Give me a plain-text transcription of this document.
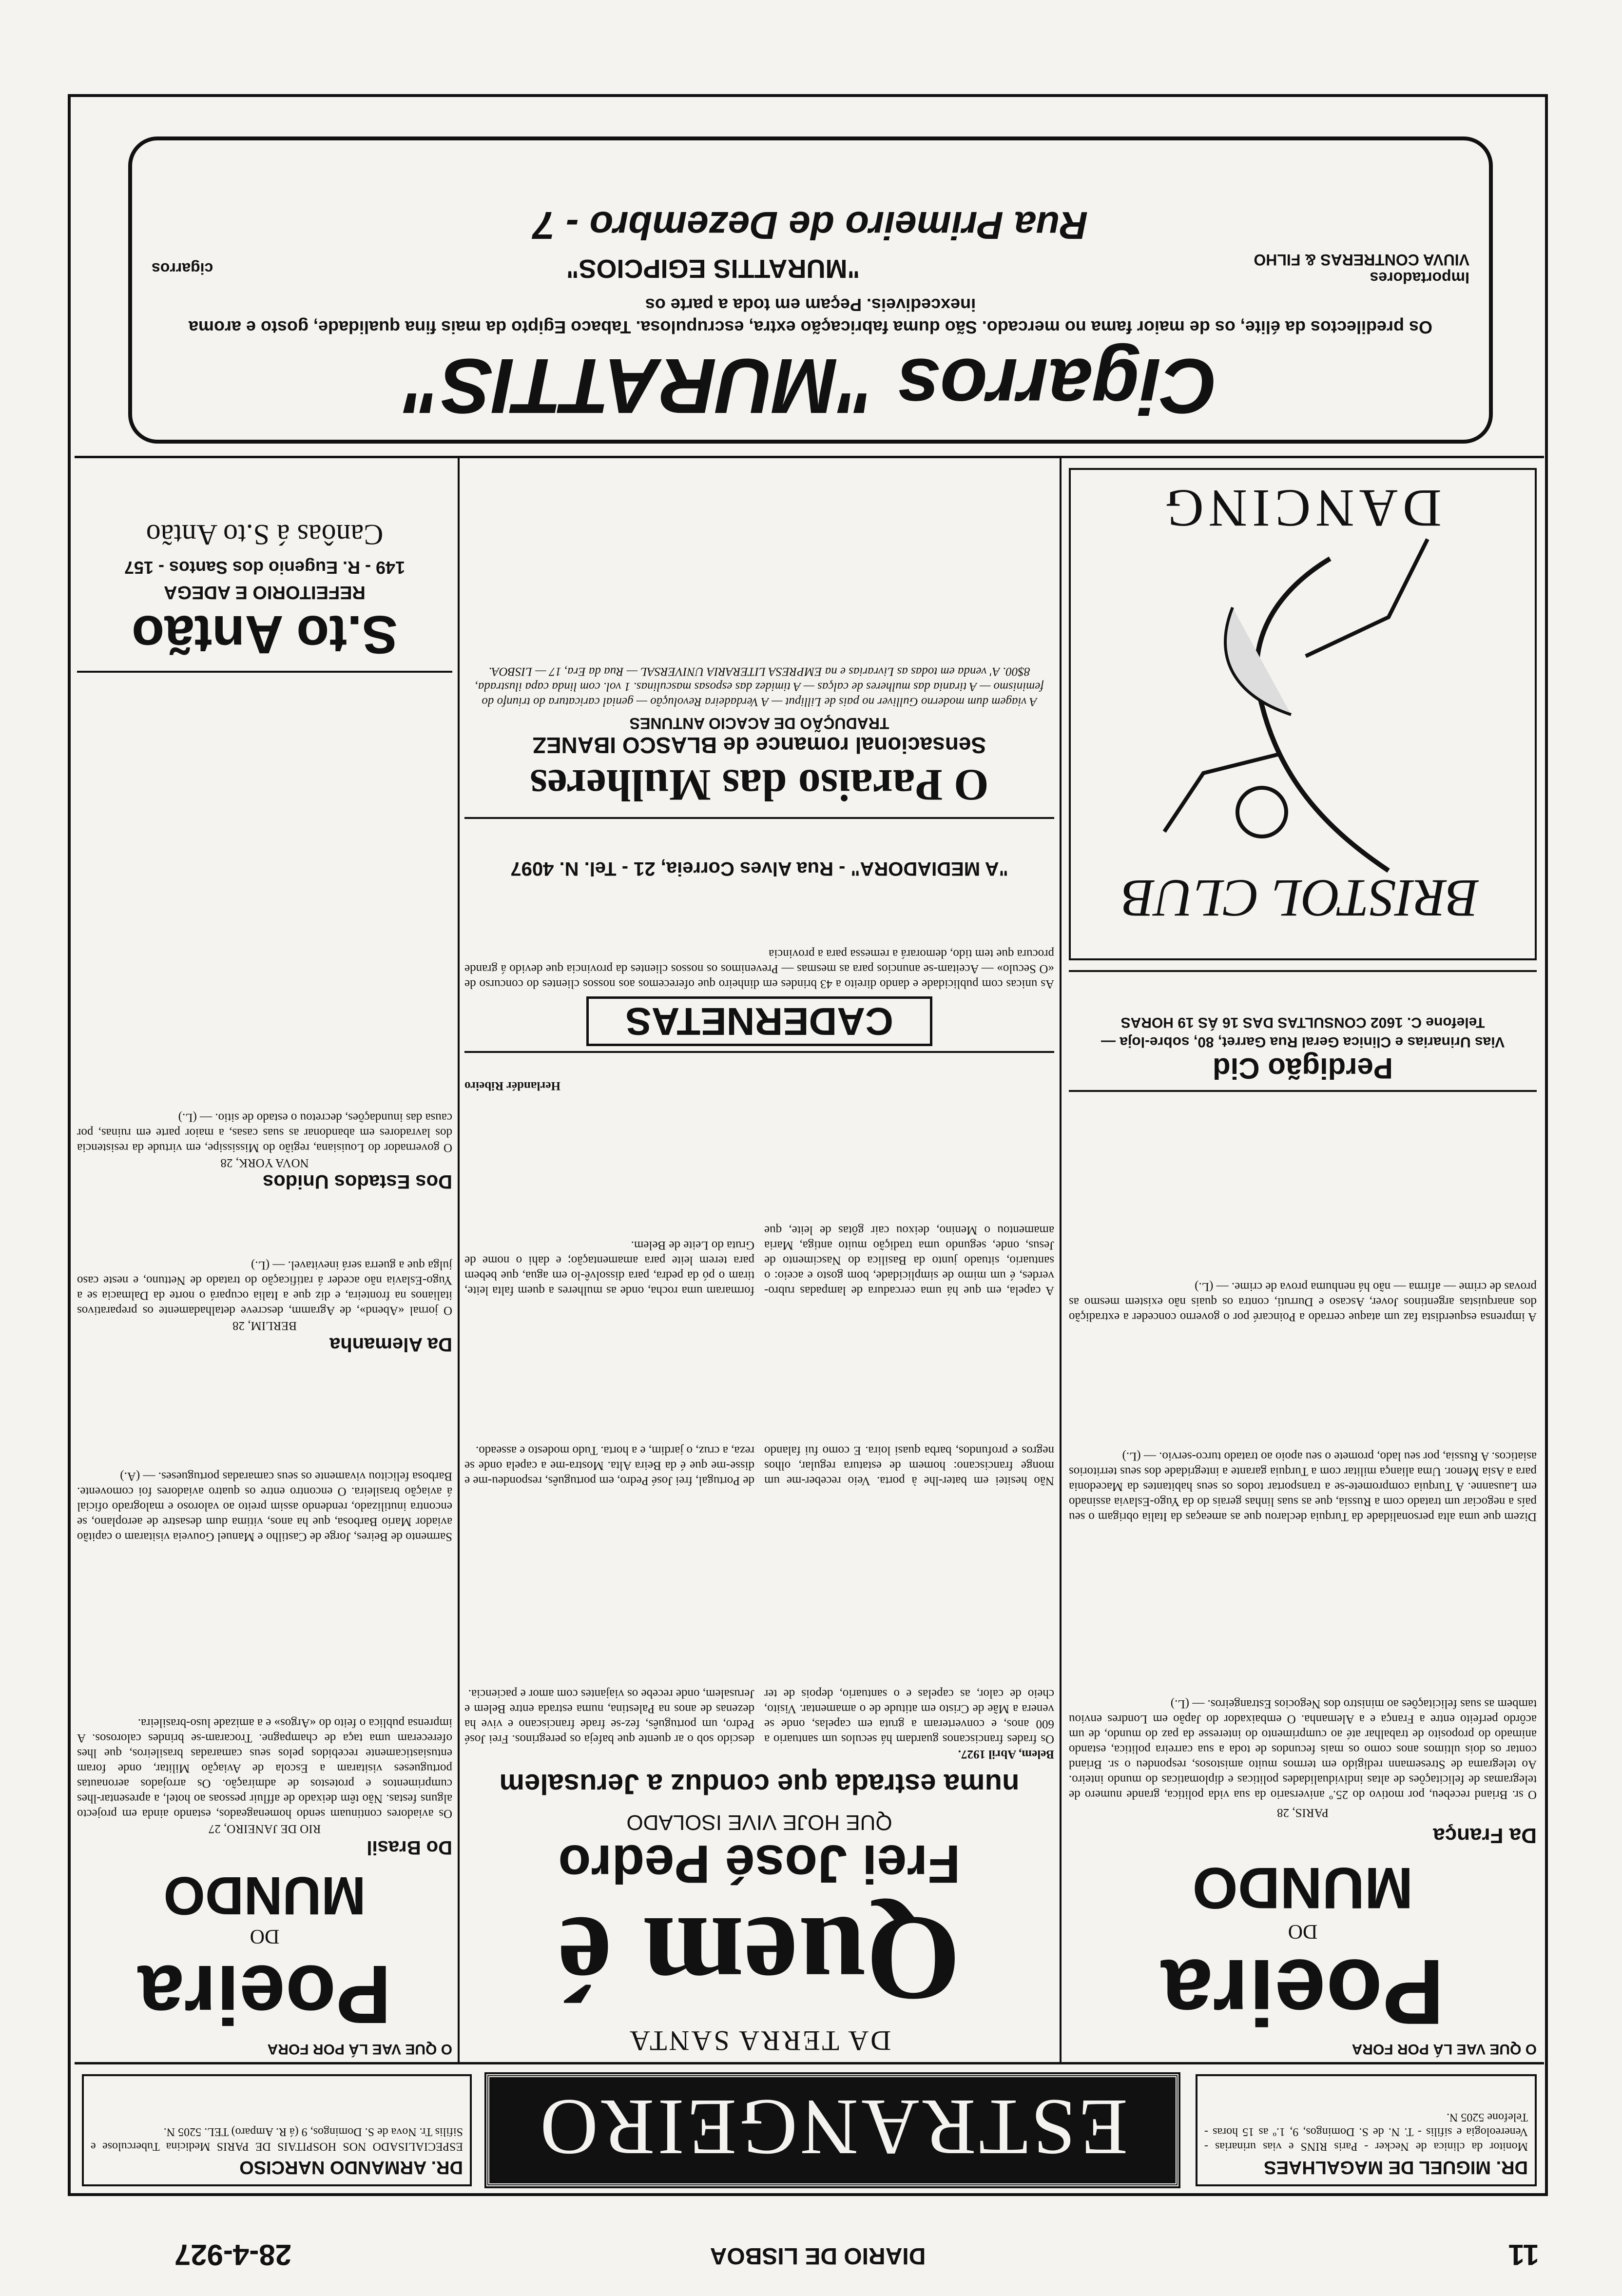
11
DIARIO DE LISBOA
28-4-927
DR. MIGUEL DE MAGALHAES
Monitor da clinica de Necker - Paris RINS e vias urinarias - Venereologia e sifilis - T. N. de S. Domingos, 9, 1.º as 15 horas - Telefone 5205 N.
ESTRANGEIRO
DR. ARMANDO NARCISO
ESPECIALISADO NOS HOSPITAIS DE PARIS Medicina Tuberculose e Sifilis Tr. Nova de S. Domingos, 9 (á R. Amparo) TEL. 5205 N.
O QUE VAE LÁ POR FORA
Poeira
DO
MUNDO
Da França
PARIS, 28
O sr. Briand recebeu, por motivo do 25.º aniversario da sua vida politica, grande numero de telegramas de felicitações de altas individualidades politicas e diplomaticas do mundo inteiro. Ao telegrama de Stresemann redigido em termos muito amistosos, respondeu o sr. Briand contar os dois ultimos anos como os mais fecundos de toda a sua carreira politica, estando animado do proposito de trabalhar até ao cumprimento do interesse da paz do mundo, de um acôrdo perfeito entre a França e a Alemanha. O embaixador do Japão em Londres enviou tambem as suas felicitações ao ministro dos Negocios Estrangeiros. — (L.)
Dizem que uma alta personalidade da Turquia declarou que as ameaças da Italia obrigam o seu país a negociar um tratado com a Russia, que as suas linhas gerais do da Yugo-Eslavia assinado em Lausanne. A Turquia compromete-se a transportar todos os seus habitantes da Macedonia para a Asia Menor. Uma aliança militar com a Turquia garante a integridade dos seus territorios asiaticos. A Russia, por seu lado, promete o seu apoio ao tratado turco-servio. — (L.)
A imprensa esquerdista faz um ataque cerrado a Poincaré por o governo conceder a extradição dos anarquistas argentinos Jover, Ascaso e Durruti, contra os quais não existem mesmo as provas de crime — afirma — não há nenhuma prova de crime. — (L.)
Perdigão Cid
Vias Urinarias e Clinica Geral Rua Garret, 80, sobre-loja — Telefone C. 1602 CONSULTAS DAS 16 ÁS 19 HORAS
BRISTOL CLUB
DANCING
DA TERRA SANTA
Quem é
Frei José Pedro
QUE HOJE VIVE ISOLADO
numa estrada que conduz a Jerusalem
Belem, Abril 1927.
Os frades franciscanos guardam há seculos um santuario a 600 anos, e converteram a gruta em capelas, onde se venera a Mãe de Cristo em atitude de o amamentar. Visito, cheio de calor, as capelas e o santuario, depois de ter descido sob o ar quente que bafeja os peregrinos. Frei José Pedro, um português, fez-se frade franciscano e vive ha dezenas de anos na Palestina, numa estrada entre Belem e Jerusalem, onde recebe os viajantes com amor e paciencia.
Não hesitei em bater-lhe à porta. Veio receber-me um monge franciscano: homem de estatura regular, olhos negros e profundos, barba quasi loira. E como fui falando de Portugal, frei José Pedro, em português, respondeu-me e disse-me que é da Beira Alta. Mostra-me a capela onde se reza, a cruz, o jardim, e a horta. Tudo modesto e asseado.
A capela, em que há uma cercadura de lampadas rubro-verdes, é um mimo de simplicidade, bom gosto e aceio: o santuario, situado junto da Basilica do Nascimento de Jesus, onde, segundo uma tradição muito antiga, Maria amamentou o Menino, deixou cair gôtas de leite, que formaram uma rocha, onde as mulheres a quem falta leite, tiram o pó da pedra, para dissolvê-lo em agua, que bebem para terem leite para amamentação; e dahi o nome de Gruta do Leite de Belem.
Herlandér Ribeiro
CADERNETAS
As unicas com publicidade e dando direito a 43 brindes em dinheiro que oferecemos aos nossos clientes do concurso de «O Seculo» — Aceitam-se anuncios para as mesmas — Prevenimos os nossos clientes da provincia que devido á grande procura que tem tido, demorará a remessa para a provincia
"A MEDIADORA" - Rua Alves Correia, 21 - Tel. N. 4097
O Paraiso das Mulheres
Sensacional romance de BLASCO IBANEZ
TRADUÇÃO DE ACACIO ANTUNES
A viagem dum moderno Gulliver no pais de Lilliput — A Verdadeira Revolução — genial caricatura do triunfo do feminismo — A tirania das mulheres de calças — A timidez das esposas masculinas. 1 vol. com linda capa ilustrada, 8$00. A' venda em todas as Livrarias e na EMPRESA LITERARIA UNIVERSAL — Rua da Era, 17 — LISBOA.
O QUE VAE LÁ POR FORA
Poeira
DO
MUNDO
Do Brasil
RIO DE JANEIRO, 27
Os aviadores continuam sendo homenageados, estando ainda em projecto alguns festas. Não têm deixado de affluir pessoas ao hotel, a apresentar-lhes cumprimentos e protestos de admiração. Os arrojados aeronautas portugueses visitaram a Escola de Aviação Militar, onde foram entusiasticamente recebidos pelos seus camaradas brasileiros, que lhes ofereceram uma taça de champagne. Trocaram-se brindes calorosos. A imprensa publica o feito do «Argos» e a amizade luso-brasileira.
Sarmento de Beires, Jorge de Castilho e Manuel Gouveia visitaram o capitão aviador Mario Barbosa, que ha anos, vitima dum desastre de aeroplano, se encontra inutilizado, rendendo assim preito ao valoroso e malogrado oficial á aviação brasileira. O encontro entre os quatro aviadores foi comovente. Barbosa felicitou vivamente os seus camaradas portugueses. — (A.)
Da Alemanha
BERLIM, 28
O jornal «Abend», de Agramm, descreve detalhadamente os preparativos italianos na fronteira, e diz que a Italia ocupará o norte da Dalmacia se a Yugo-Eslavia não aceder á ratificação do tratado de Nettuno, e neste caso julga que a guerra será inevitavel. — (L.)
Dos Estados Unidos
NOVA YORK, 28
O governador do Louisiana, região do Mississipe, em virtude da resistencia dos lavradores em abandonar as suas casas, a maior parte em ruinas, por causa das inundações, decretou o estado de sitio. — (L.)
S.to Antão
REFEITORIO E ADEGA
149 - R. Eugenio dos Santos - 157
Canôas á S.to Antão
Cigarros "MURATTIS"
Os predilectos da élite, os de maior fama no mercado. São duma fabricação extra, escrupulosa. Tabaco Egipto da mais fina qualidade, gosto e aroma inexcediveis. Peçam em toda a parte os
Importadores
VIUVA CONTRERAS & FILHO
"MURATTIS EGIPCIOS"
cigarros
Rua Primeiro de Dezembro - 7
